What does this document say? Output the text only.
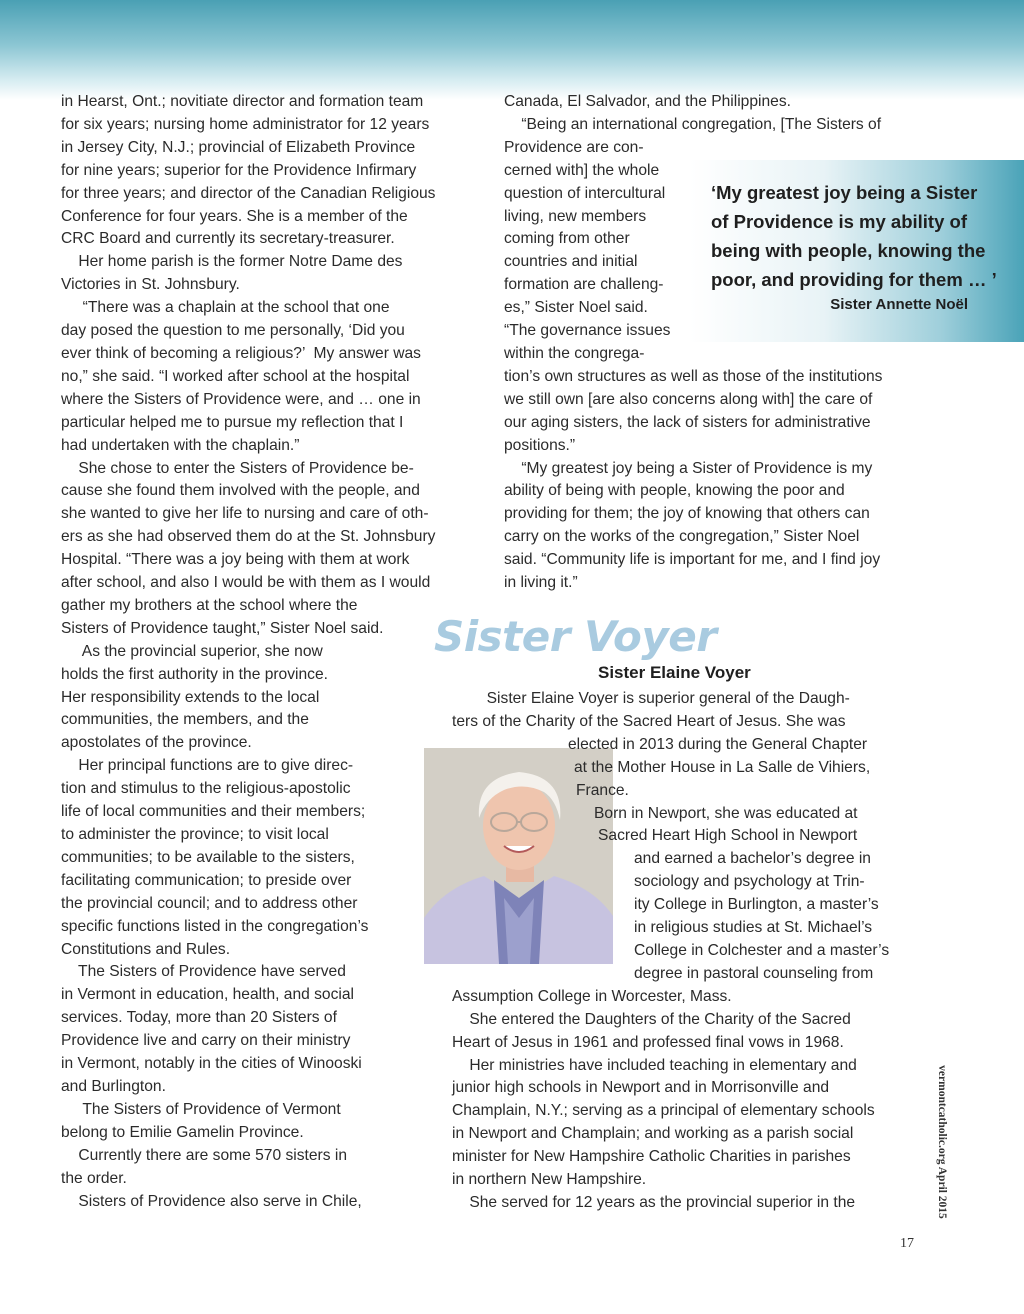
in Hearst, Ont.; novitiate director and formation team
for six years; nursing home administrator for 12 years
in Jersey City, N.J.; provincial of Elizabeth Province
for nine years; superior for the Providence Infirmary
for three years; and director of the Canadian Religious
Conference for four years. She is a member of the
CRC Board and currently its secretary-treasurer.
Her home parish is the former Notre Dame des
Victories in St. Johnsbury.
“There was a chaplain at the school that one
day posed the question to me personally, ‘Did you
ever think of becoming a religious?’  My answer was
no,” she said. “I worked after school at the hospital
where the Sisters of Providence were, and … one in
particular helped me to pursue my reflection that I
had undertaken with the chaplain.”
She chose to enter the Sisters of Providence be-
cause she found them involved with the people, and
she wanted to give her life to nursing and care of oth-
ers as she had observed them do at the St. Johnsbury
Hospital. “There was a joy being with them at work
after school, and also I would be with them as I would
gather my brothers at the school where the
Sisters of Providence taught,” Sister Noel said.
As the provincial superior, she now
holds the first authority in the province.
Her responsibility extends to the local
communities, the members, and the
apostolates of the province.
Her principal functions are to give direc-
tion and stimulus to the religious-apostolic
life of local communities and their members;
to administer the province; to visit local
communities; to be available to the sisters,
facilitating communication; to preside over
the provincial council; and to address other
specific functions listed in the congregation’s
Constitutions and Rules.
The Sisters of Providence have served
in Vermont in education, health, and social
services. Today, more than 20 Sisters of
Providence live and carry on their ministry
in Vermont, notably in the cities of Winooski
and Burlington.
The Sisters of Providence of Vermont
belong to Emilie Gamelin Province.
Currently there are some 570 sisters in
the order.
Sisters of Providence also serve in Chile,
Canada, El Salvador, and the Philippines.
“Being an international congregation, [The Sisters of
Providence are con-
cerned with] the whole
question of intercultural
living, new members
coming from other
countries and initial
formation are challeng-
es,” Sister Noel said.
“The governance issues
within the congrega-
tion’s own structures as well as those of the institutions
we still own [are also concerns along with] the care of
our aging sisters, the lack of sisters for administrative
positions.”
“My greatest joy being a Sister of Providence is my
ability of being with people, knowing the poor and
providing for them; the joy of knowing that others can
carry on the works of the congregation,” Sister Noel
said. “Community life is important for me, and I find joy
in living it.”
‘My greatest joy being a Sister
of Providence is my ability of
being with people, knowing the
poor, and providing for them … ’
Sister Annette Noël
Sister Voyer
Sister Elaine Voyer
Sister Elaine Voyer is superior general of the Daugh-
ters of the Charity of the Sacred Heart of Jesus. She was
elected in 2013 during the General Chapter
at the Mother House in La Salle de Vihiers,
France.
Born in Newport, she was educated at
Sacred Heart High School in Newport
and earned a bachelor’s degree in
sociology and psychology at Trin-
ity College in Burlington, a master’s
in religious studies at St. Michael’s
College in Colchester and a master’s
degree in pastoral counseling from
Assumption College in Worcester, Mass.
She entered the Daughters of the Charity of the Sacred
Heart of Jesus in 1961 and professed final vows in 1968.
Her ministries have included teaching in elementary and
junior high schools in Newport and in Morrisonville and
Champlain, N.Y.; serving as a principal of elementary schools
in Newport and Champlain; and working as a parish social
minister for New Hampshire Catholic Charities in parishes
in northern New Hampshire.
She served for 12 years as the provincial superior in the	vermontcatholic.org April 2015
17
